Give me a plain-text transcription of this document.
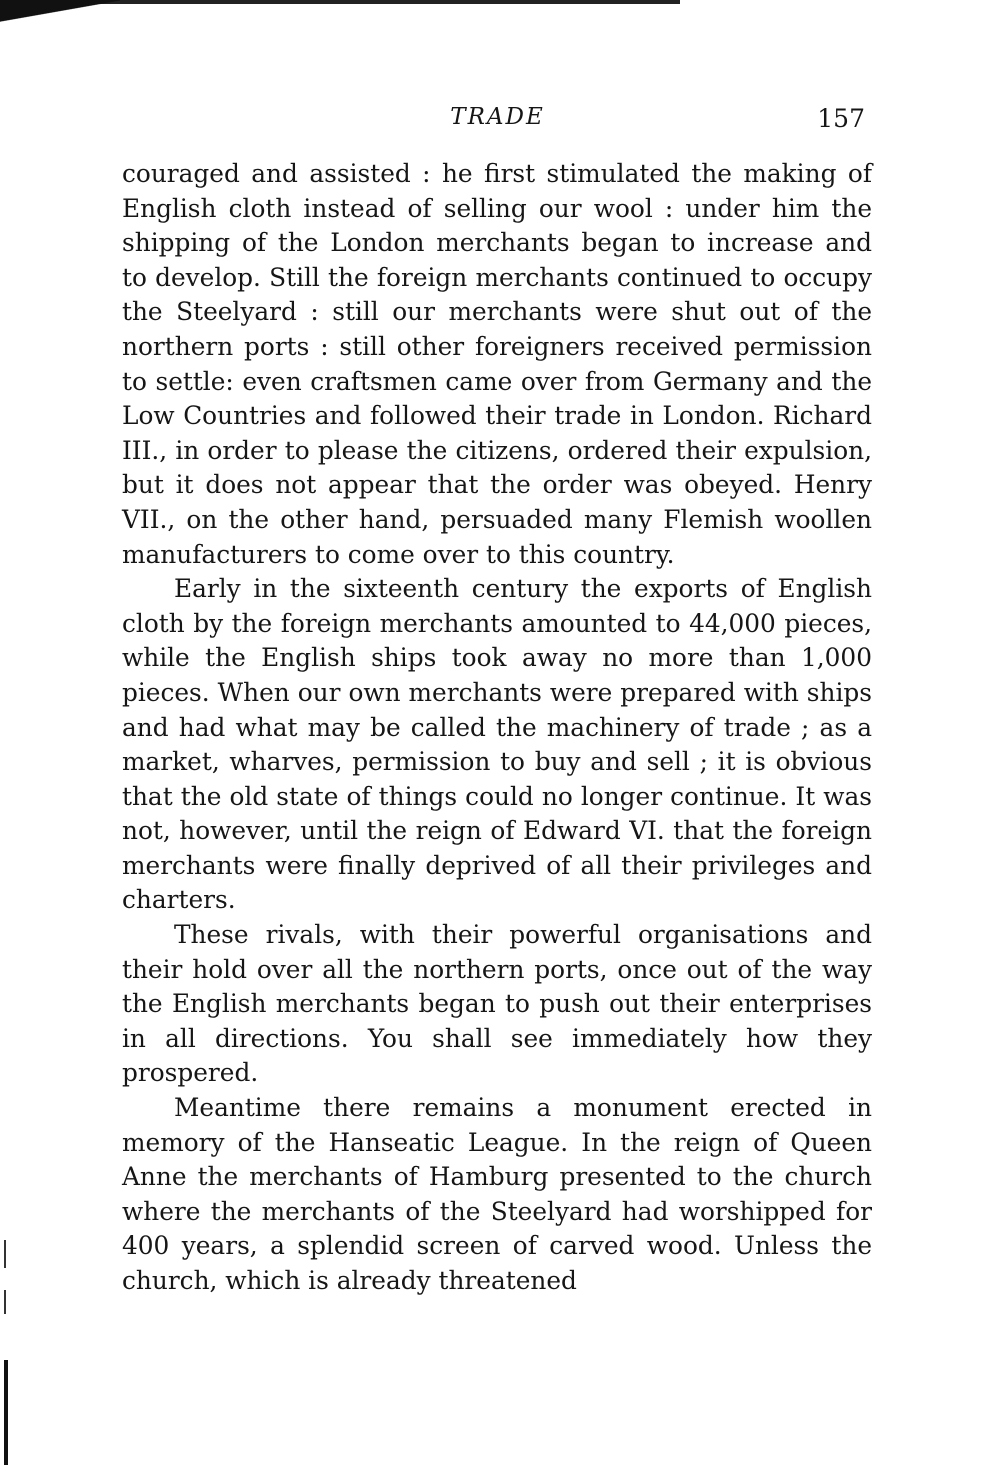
TRADE	157

couraged and assisted : he first stimulated the making of English cloth instead of selling our wool : under him the shipping of the London merchants began to increase and to develop. Still the foreign merchants continued to occupy the Steelyard : still our merchants were shut out of the northern ports : still other foreigners received permission to settle: even craftsmen came over from Germany and the Low Countries and followed their trade in London. Richard III., in order to please the citizens, ordered their expulsion, but it does not appear that the order was obeyed. Henry VII., on the other hand, persuaded many Flemish woollen manufacturers to come over to this country.

Early in the sixteenth century the exports of English cloth by the foreign merchants amounted to 44,000 pieces, while the English ships took away no more than 1,000 pieces. When our own merchants were prepared with ships and had what may be called the machinery of trade ; as a market, wharves, permission to buy and sell ; it is obvious that the old state of things could no longer continue. It was not, however, until the reign of Edward VI. that the foreign merchants were finally deprived of all their privileges and charters.

These rivals, with their powerful organisations and their hold over all the northern ports, once out of the way the English merchants began to push out their enterprises in all directions. You shall see immediately how they prospered.

Meantime there remains a monument erected in memory of the Hanseatic League. In the reign of Queen Anne the merchants of Hamburg presented to the church where the merchants of the Steelyard had worshipped for 400 years, a splendid screen of carved wood. Unless the church, which is already threatened
